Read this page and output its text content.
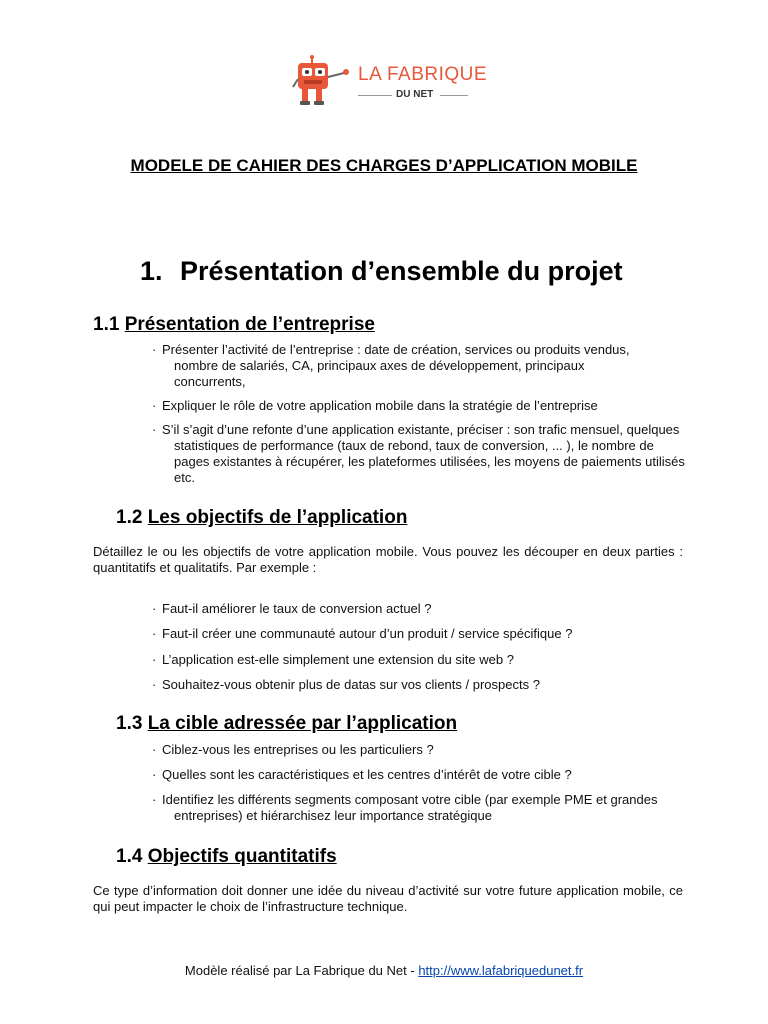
LA FABRIQUE
DU NET
MODELE DE CAHIER DES CHARGES D’APPLICATION MOBILE
1. Présentation d’ensemble du projet
1.1 Présentation de l’entreprise
· Présenter l’activité de l’entreprise : date de création, services ou produits vendus, nombre de salariés, CA, principaux axes de développement, principaux concurrents,
· Expliquer le rôle de votre application mobile dans la stratégie de l’entreprise
· S’il s’agit d’une refonte d’une application existante, préciser : son trafic mensuel, quelques statistiques de performance (taux de rebond, taux de conversion, ... ), le nombre de pages existantes à récupérer, les plateformes utilisées, les moyens de paiements utilisés etc.
1.2 Les objectifs de l’application
Détaillez le ou les objectifs de votre application mobile. Vous pouvez les découper en deux parties : quantitatifs et qualitatifs. Par exemple :
· Faut-il améliorer le taux de conversion actuel ?
· Faut-il créer une communauté autour d’un produit / service spécifique ?
· L’application est-elle simplement une extension du site web ?
· Souhaitez-vous obtenir plus de datas sur vos clients / prospects ?
1.3 La cible adressée par l’application
· Ciblez-vous les entreprises ou les particuliers ?
· Quelles sont les caractéristiques et les centres d’intérêt de votre cible ?
· Identifiez les différents segments composant votre cible (par exemple PME et grandes entreprises) et hiérarchisez leur importance stratégique
1.4 Objectifs quantitatifs
Ce type d’information doit donner une idée du niveau d’activité sur votre future application mobile, ce qui peut impacter le choix de l’infrastructure technique.
Modèle réalisé par La Fabrique du Net - http://www.lafabriquedunet.fr
